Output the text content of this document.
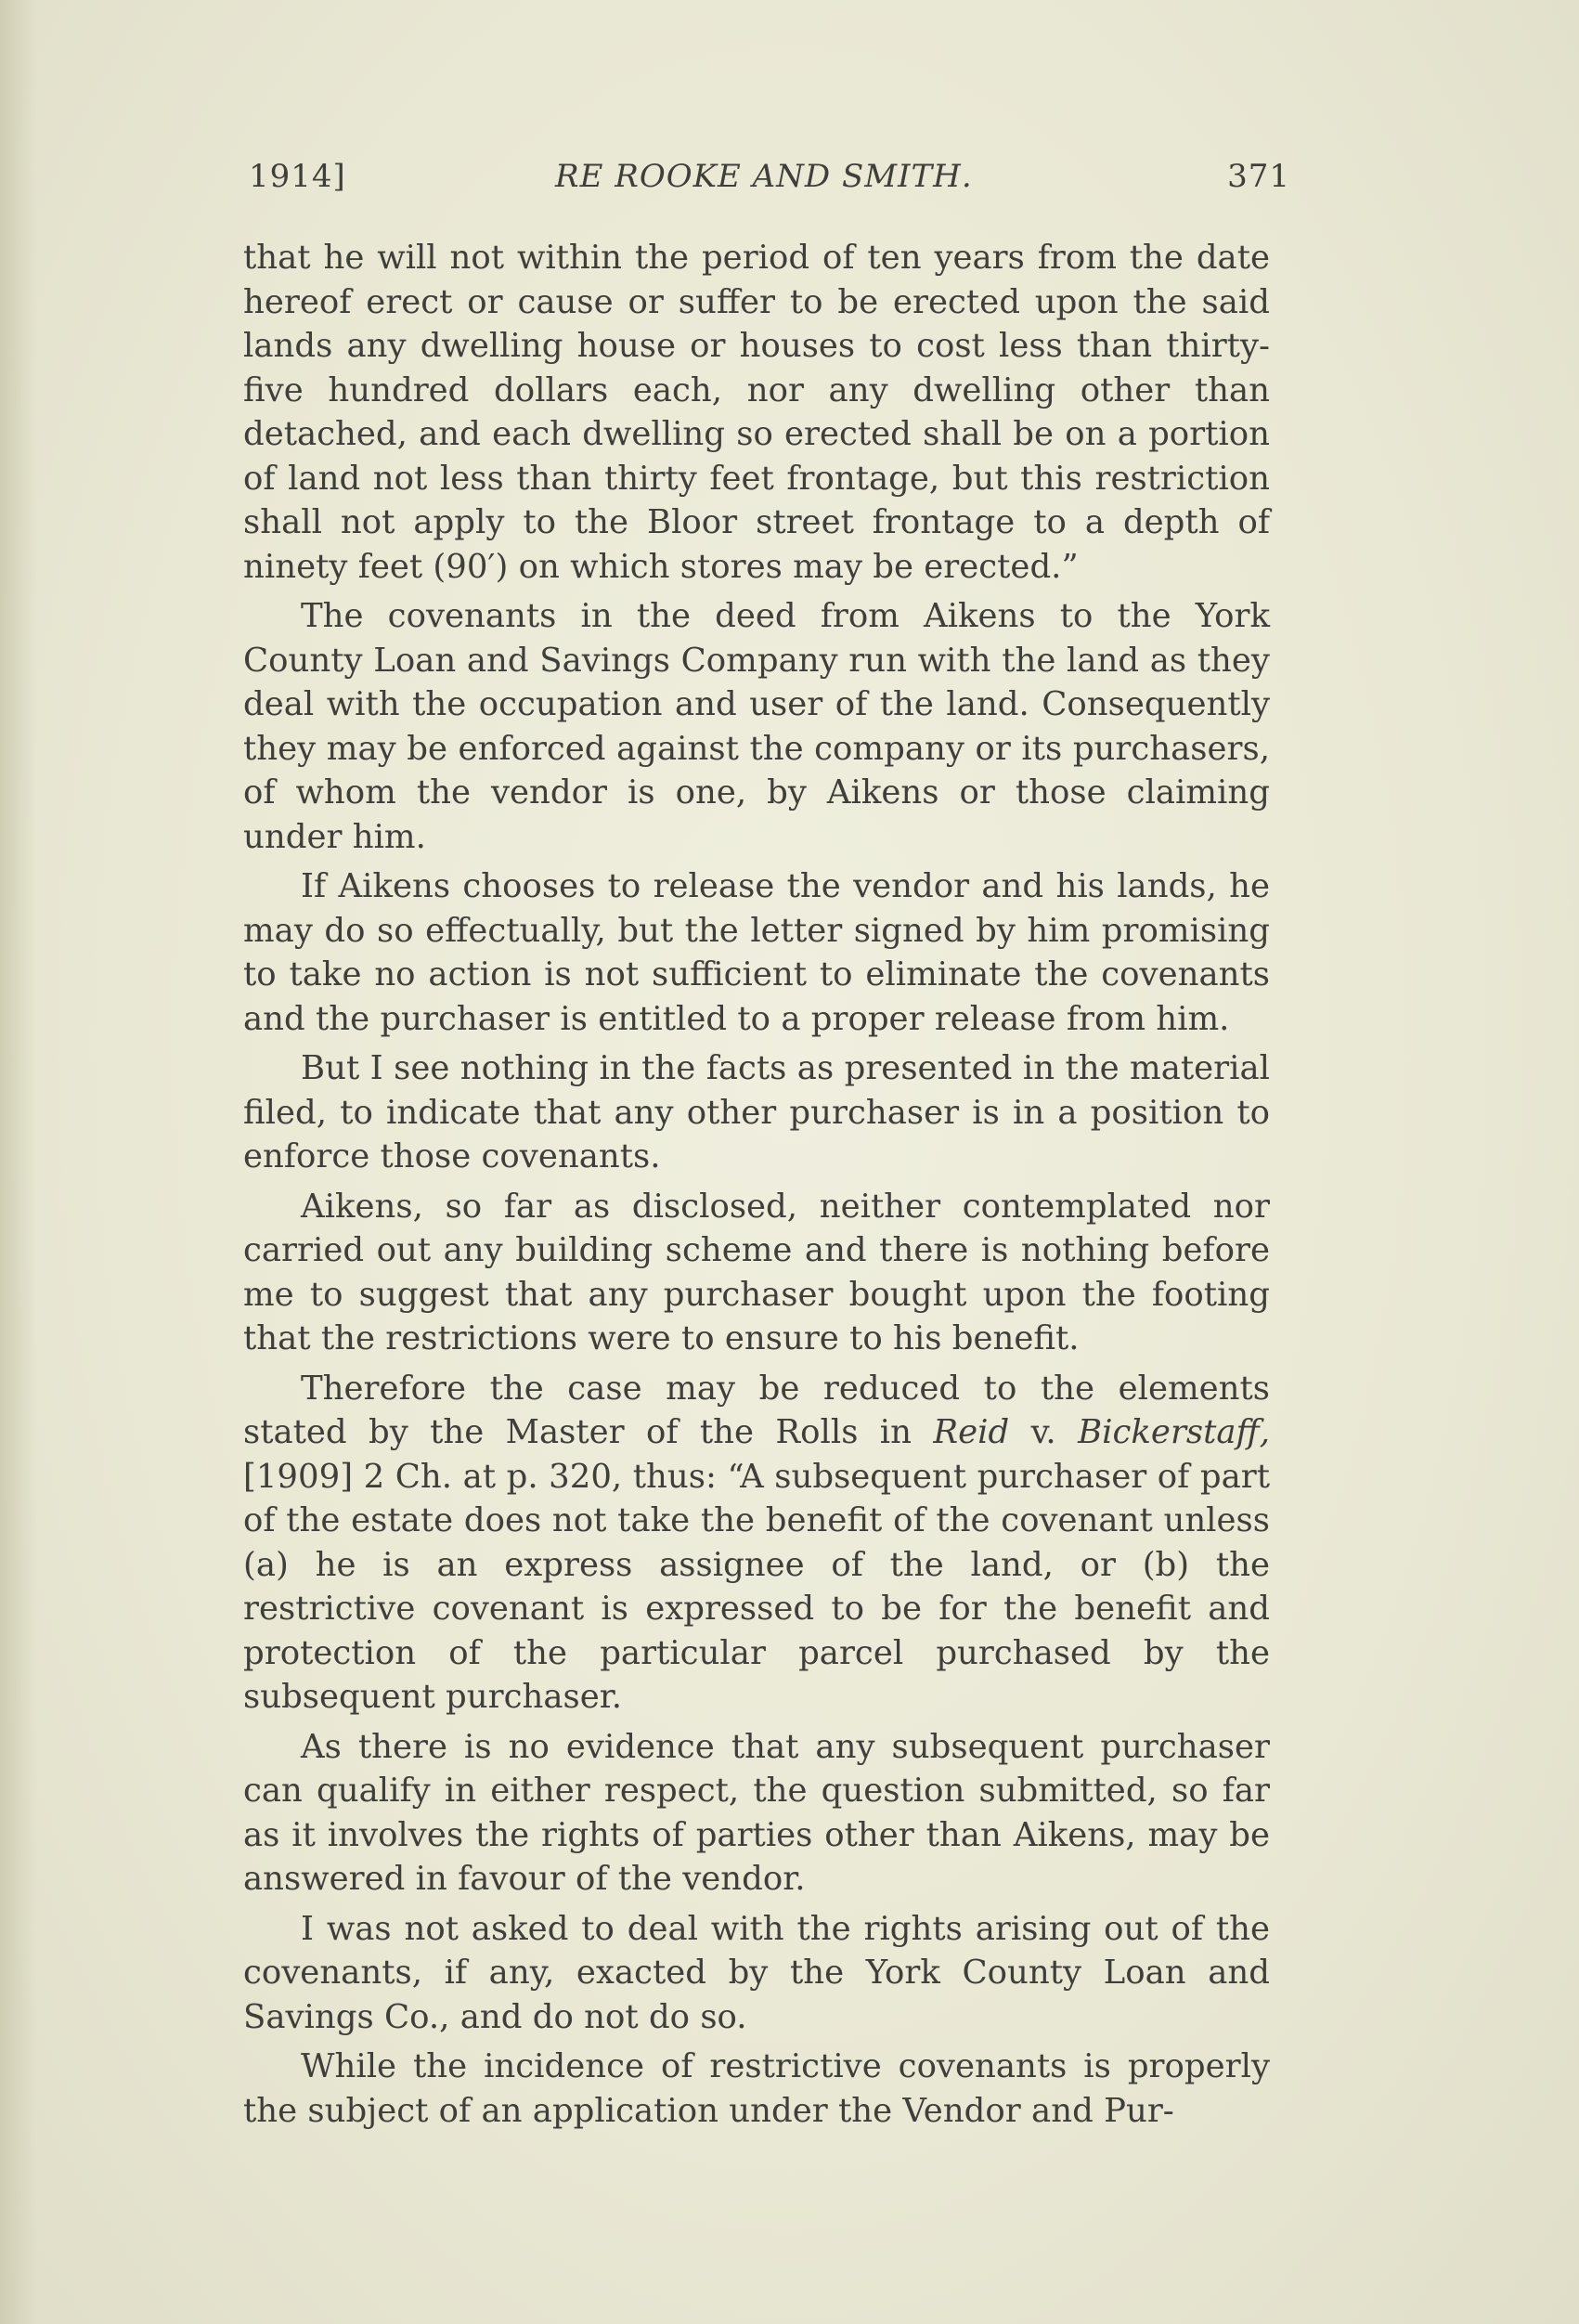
1914]	RE ROOKE AND SMITH.	371

that he will not within the period of ten years from the date hereof erect or cause or suffer to be erected upon the said lands any dwelling house or houses to cost less than thirty-five hundred dollars each, nor any dwelling other than detached, and each dwelling so erected shall be on a portion of land not less than thirty feet frontage, but this restriction shall not apply to the Bloor street frontage to a depth of ninety feet (90′) on which stores may be erected.”

The covenants in the deed from Aikens to the York County Loan and Savings Company run with the land as they deal with the occupation and user of the land. Consequently they may be enforced against the company or its purchasers, of whom the vendor is one, by Aikens or those claiming under him.

If Aikens chooses to release the vendor and his lands, he may do so effectually, but the letter signed by him promising to take no action is not sufficient to eliminate the covenants and the purchaser is entitled to a proper release from him.

But I see nothing in the facts as presented in the material filed, to indicate that any other purchaser is in a position to enforce those covenants.

Aikens, so far as disclosed, neither contemplated nor carried out any building scheme and there is nothing before me to suggest that any purchaser bought upon the footing that the restrictions were to ensure to his benefit.

Therefore the case may be reduced to the elements stated by the Master of the Rolls in Reid v. Bickerstaff, [1909] 2 Ch. at p. 320, thus: “A subsequent purchaser of part of the estate does not take the benefit of the covenant unless (a) he is an express assignee of the land, or (b) the restrictive covenant is expressed to be for the benefit and protection of the particular parcel purchased by the subsequent purchaser.

As there is no evidence that any subsequent purchaser can qualify in either respect, the question submitted, so far as it involves the rights of parties other than Aikens, may be answered in favour of the vendor.

I was not asked to deal with the rights arising out of the covenants, if any, exacted by the York County Loan and Savings Co., and do not do so.

While the incidence of restrictive covenants is properly the subject of an application under the Vendor and Pur-
